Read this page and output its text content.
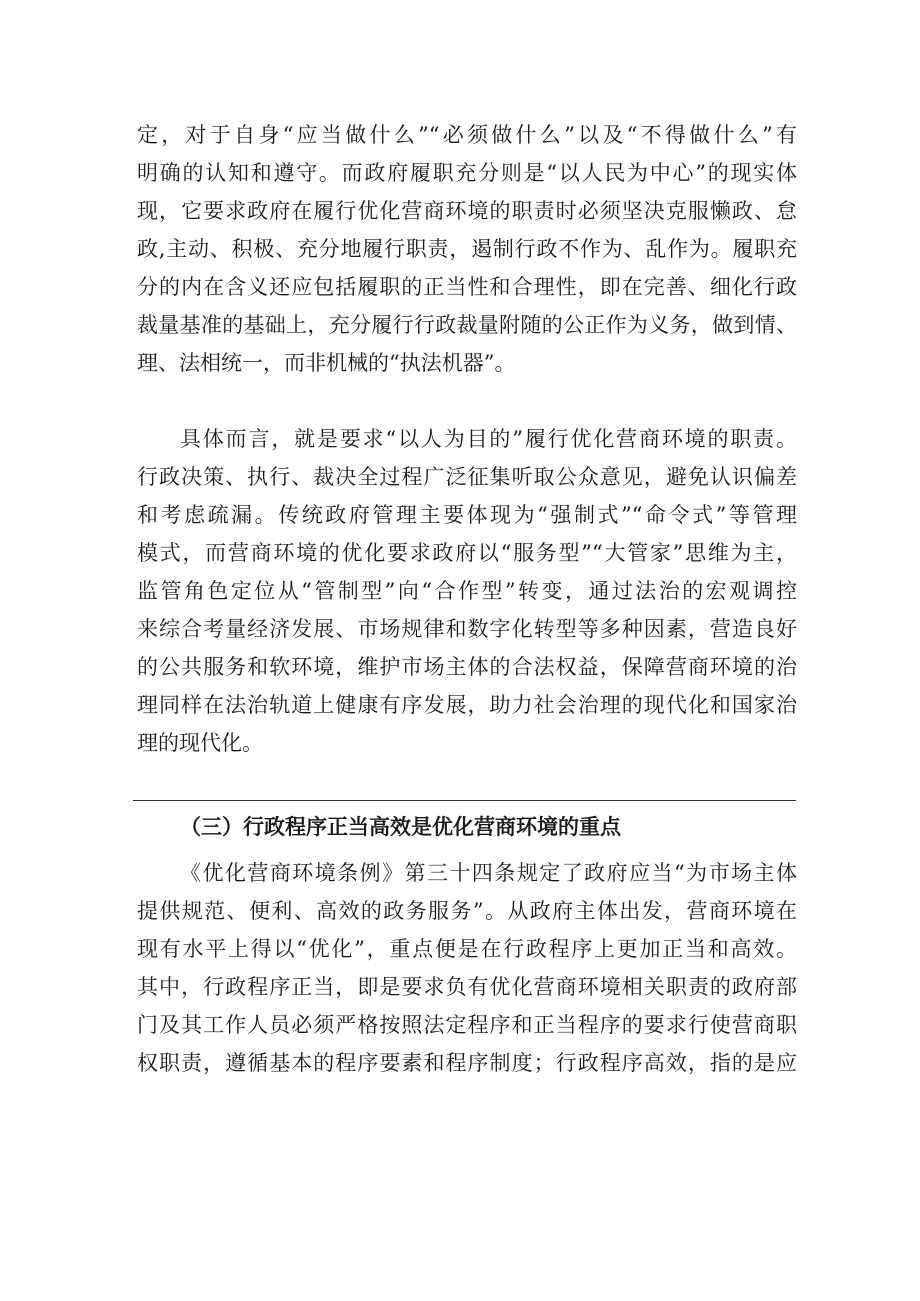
定，对于自身“应当做什么”“必须做什么”以及“不得做什么”有

明确的认知和遵守。而政府履职充分则是“以人民为中心”的现实体

现，它要求政府在履行优化营商环境的职责时必须坚决克服懒政、怠

政,主动、积极、充分地履行职责，遏制行政不作为、乱作为。履职充

分的内在含义还应包括履职的正当性和合理性，即在完善、细化行政

裁量基准的基础上，充分履行行政裁量附随的公正作为义务，做到情、

理、法相统一，而非机械的“执法机器”。

具体而言，就是要求“以人为目的”履行优化营商环境的职责。

行政决策、执行、裁决全过程广泛征集听取公众意见，避免认识偏差

和考虑疏漏。传统政府管理主要体现为“强制式”“命令式”等管理

模式，而营商环境的优化要求政府以“服务型”“大管家”思维为主，

监管角色定位从“管制型”向“合作型”转变，通过法治的宏观调控

来综合考量经济发展、市场规律和数字化转型等多种因素，营造良好

的公共服务和软环境，维护市场主体的合法权益，保障营商环境的治

理同样在法治轨道上健康有序发展，助力社会治理的现代化和国家治

理的现代化。

（三）行政程序正当高效是优化营商环境的重点

《优化营商环境条例》第三十四条规定了政府应当“为市场主体

提供规范、便利、高效的政务服务”。从政府主体出发，营商环境在

现有水平上得以“优化”，重点便是在行政程序上更加正当和高效。

其中，行政程序正当，即是要求负有优化营商环境相关职责的政府部

门及其工作人员必须严格按照法定程序和正当程序的要求行使营商职

权职责，遵循基本的程序要素和程序制度；行政程序高效，指的是应
